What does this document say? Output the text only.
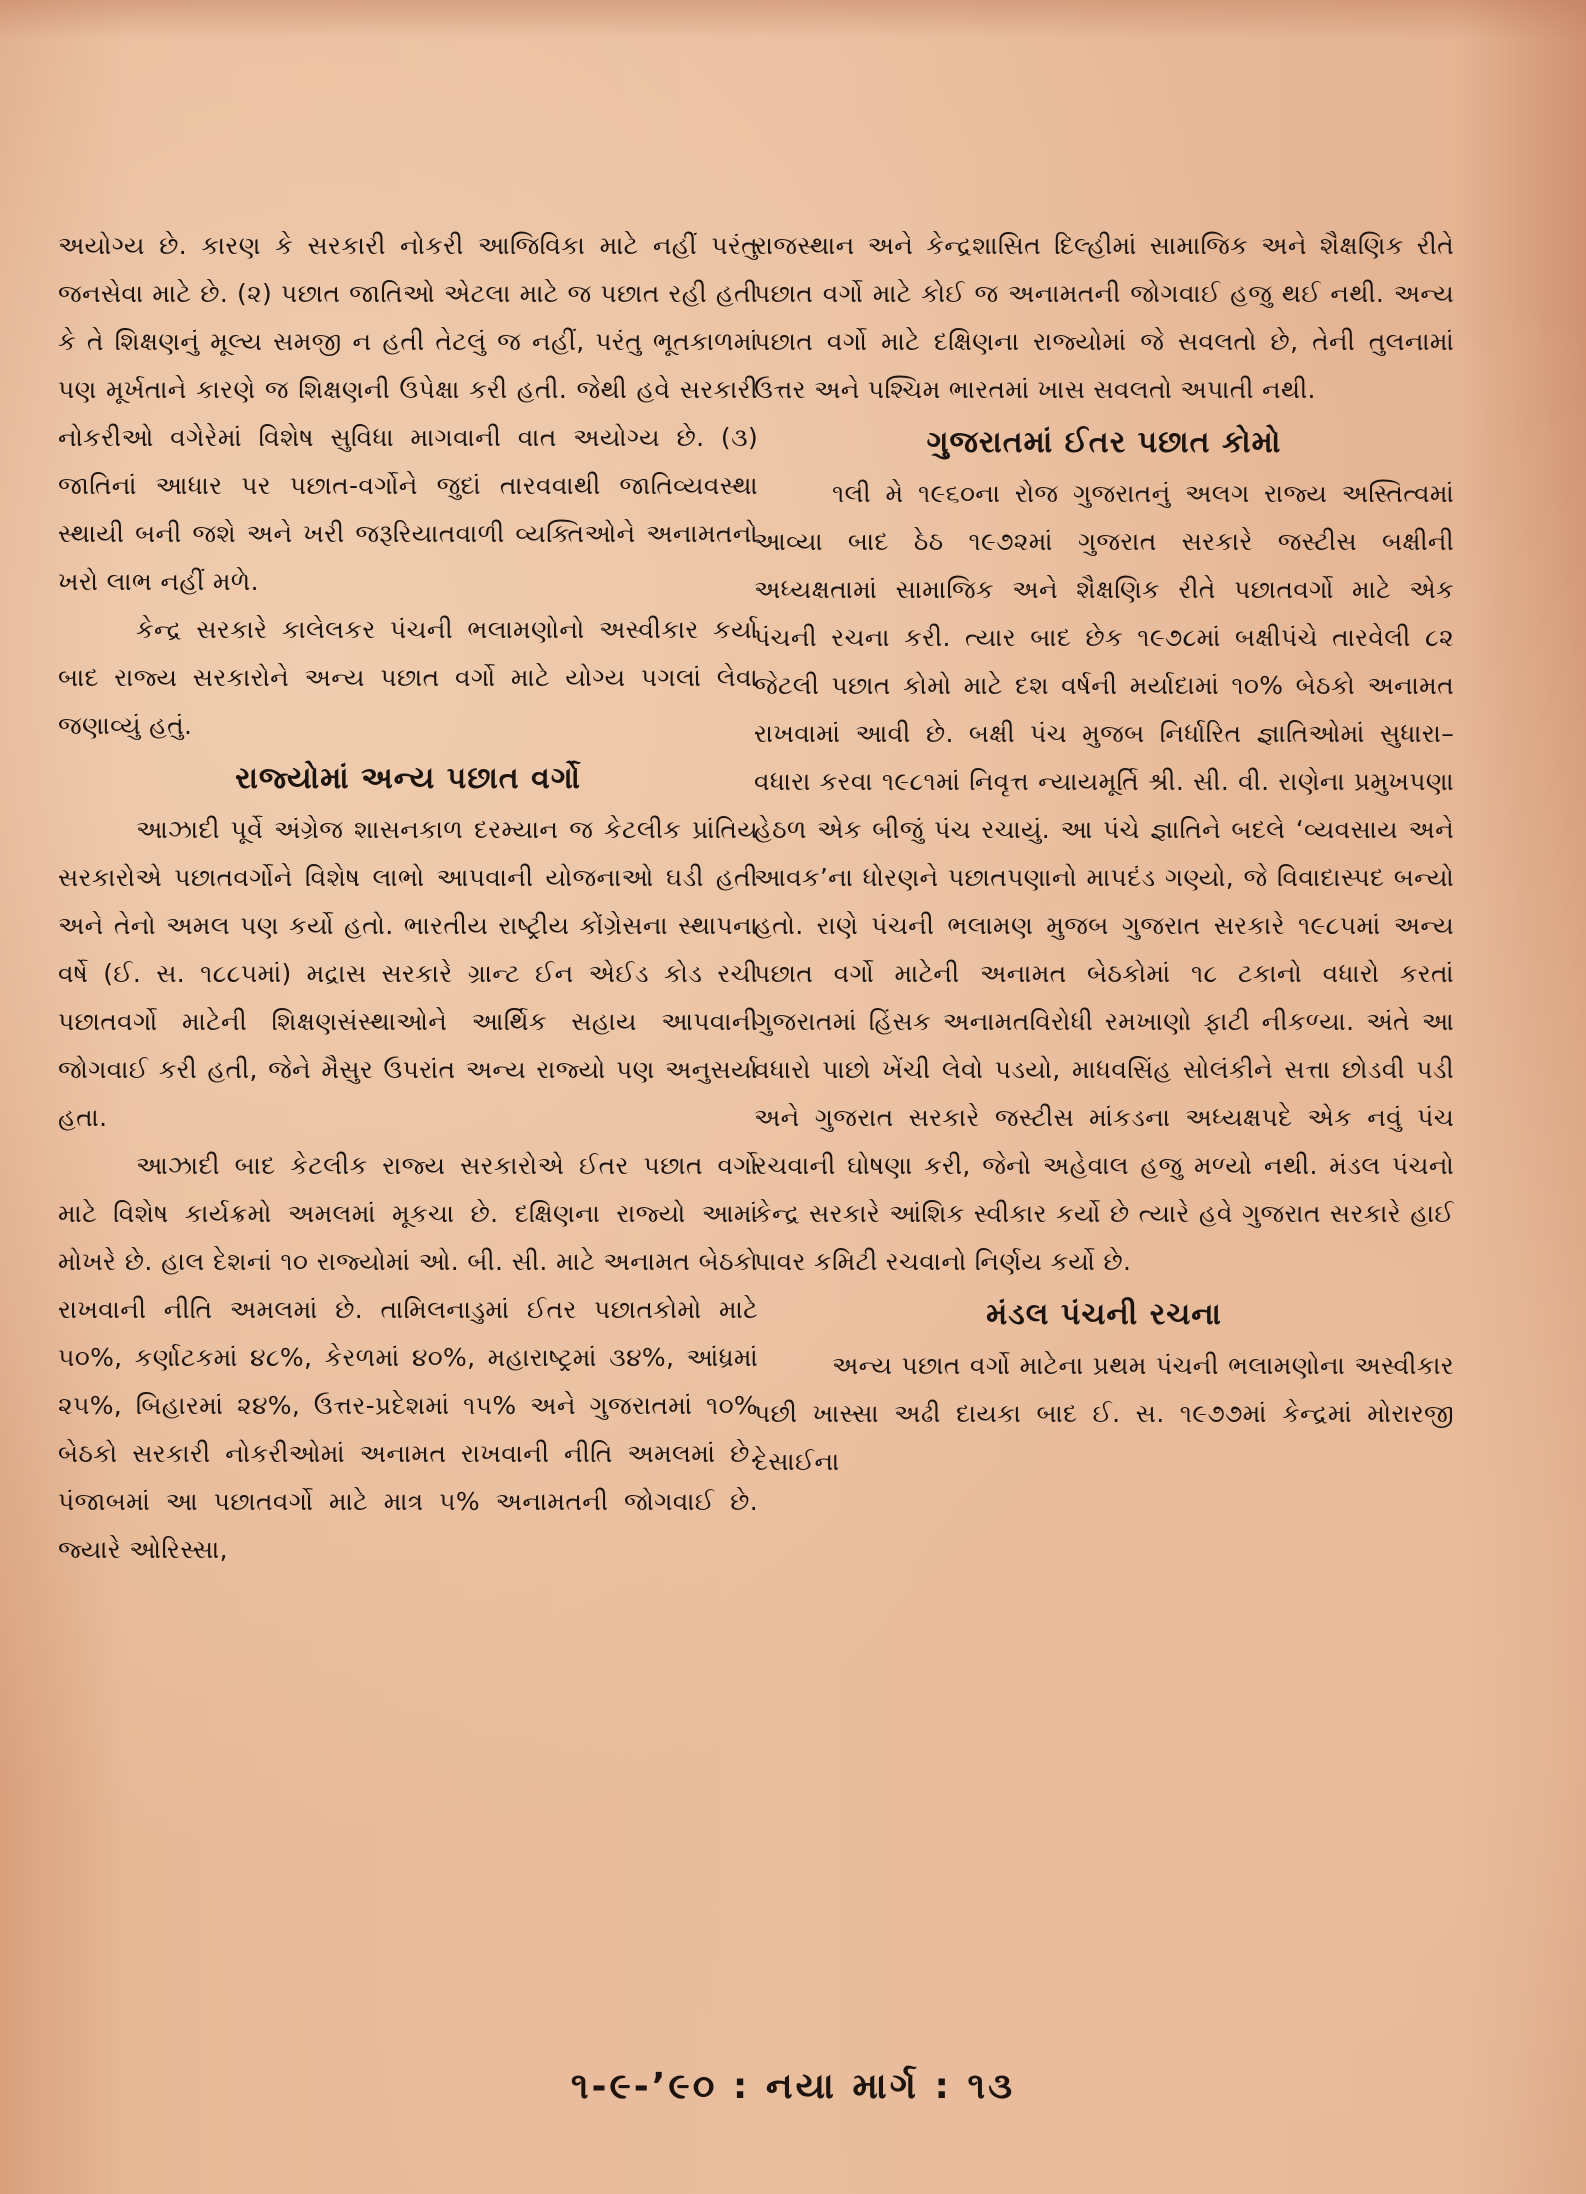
અયોગ્ય છે. કારણ કે સરકારી નોકરી આજિવિકા માટે નહીં પરંતુ જનસેવા માટે છે. (૨) પછાત જાતિઓ એટલા માટે જ પછાત રહી હતી કે તે શિક્ષણનું મૂલ્ય સમજી ન હતી તેટલું જ નહીં, પરંતુ ભૂતકાળમાં પણ મૂર્ખતાને કારણે જ શિક્ષણની ઉપેક્ષા કરી હતી. જેથી હવે સરકારી નોકરીઓ વગેરેમાં વિશેષ સુવિધા માગવાની વાત અયોગ્ય છે. (૩) જાતિનાં આધાર પર પછાત-વર્ગોને જુદાં તારવવાથી જાતિવ્યવસ્થા સ્થાયી બની જશે અને ખરી જરૂરિયાતવાળી વ્યક્તિઓને અનામતનો ખરો લાભ નહીં મળે.

કેન્દ્ર સરકારે કાલેલકર પંચની ભલામણોનો અસ્વીકાર કર્યા બાદ રાજ્ય સરકારોને અન્ય પછાત વર્ગો માટે યોગ્ય પગલાં લેવા જણાવ્યું હતું.

રાજ્યોમાં અન્ય પછાત વર્ગો

આઝાદી પૂર્વે અંગ્રેજ શાસનકાળ દરમ્યાન જ કેટલીક પ્રાંતિય સરકારોએ પછાતવર્ગોને વિશેષ લાભો આપવાની યોજનાઓ ઘડી હતી અને તેનો અમલ પણ કર્યો હતો. ભારતીય રાષ્ટ્રીય કોંગ્રેસના સ્થાપના વર્ષે (ઈ. સ. ૧૮૮૫માં) મદ્રાસ સરકારે ગ્રાન્ટ ઈન એઈડ કોડ રચી પછાતવર્ગો માટેની શિક્ષણસંસ્થાઓને આર્થિક સહાય આપવાની જોગવાઈ કરી હતી, જેને મૈસુર ઉપરાંત અન્ય રાજ્યો પણ અનુસર્યા હતા.

આઝાદી બાદ કેટલીક રાજ્ય સરકારોએ ઈતર પછાત વર્ગો માટે વિશેષ કાર્યક્રમો અમલમાં મૂકચા છે. દક્ષિણના રાજ્યો આમાં મોખરે છે. હાલ દેશનાં ૧૦ રાજ્યોમાં ઓ. બી. સી. માટે અનામત બેઠકો રાખવાની નીતિ અમલમાં છે. તામિલનાડુમાં ઈતર પછાતકોમો માટે ૫૦%, કર્ણાટકમાં ૪૮%, કેરળમાં ૪૦%, મહારાષ્ટ્રમાં ૩૪%, આંધ્રમાં ૨૫%, બિહારમાં ૨૪%, ઉત્તર-પ્રદેશમાં ૧૫% અને ગુજરાતમાં ૧૦% બેઠકો સરકારી નોકરીઓમાં અનામત રાખવાની નીતિ અમલમાં છે. પંજાબમાં આ પછાતવર્ગો માટે માત્ર ૫% અનામતની જોગવાઈ છે. જ્યારે ઓરિસ્સા,

રાજસ્થાન અને કેન્દ્રશાસિત દિલ્હીમાં સામાજિક અને શૈક્ષણિક રીતે પછાત વર્ગો માટે કોઈ જ અનામતની જોગવાઈ હજુ થઈ નથી. અન્ય પછાત વર્ગો માટે દક્ષિણના રાજ્યોમાં જે સવલતો છે, તેની તુલનામાં ઉત્તર અને પશ્ચિમ ભારતમાં ખાસ સવલતો અપાતી નથી.

ગુજરાતમાં ઈતર પછાત કોમો

૧લી મે ૧૯૬૦ના રોજ ગુજરાતનું અલગ રાજ્ય અસ્તિત્વમાં આવ્યા બાદ ઠેઠ ૧૯૭૨માં ગુજરાત સરકારે જસ્ટીસ બક્ષીની અધ્યક્ષતામાં સામાજિક અને શૈક્ષણિક રીતે પછાતવર્ગો માટે એક પંચની રચના કરી. ત્યાર બાદ છેક ૧૯૭૮માં બક્ષીપંચે તારવેલી ૮૨ જેટલી પછાત કોમો માટે દશ વર્ષની મર્યાદામાં ૧૦% બેઠકો અનામત રાખવામાં આવી છે. બક્ષી પંચ મુજબ નિર્ધારિત જ્ઞાતિઓમાં સુધારા–વધારા કરવા ૧૯૮૧માં નિવૃત્ત ન્યાયમૂર્તિ શ્રી. સી. વી. રાણેના પ્રમુખપણા હેઠળ એક બીજું પંચ રચાયું. આ પંચે જ્ઞાતિને બદલે ‘વ્યવસાય અને આવક’ના ધોરણને પછાતપણાનો માપદંડ ગણ્યો, જે વિવાદાસ્પદ બન્યો હતો. રાણે પંચની ભલામણ મુજબ ગુજરાત સરકારે ૧૯૮૫માં અન્ય પછાત વર્ગો માટેની અનામત બેઠકોમાં ૧૮ ટકાનો વધારો કરતાં ગુજરાતમાં હિંસક અનામતવિરોધી રમખાણો ફાટી નીકળ્યા. અંતે આ વધારો પાછો ખેંચી લેવો પડયો, માધવસિંહ સોલંકીને સત્તા છોડવી પડી અને ગુજરાત સરકારે જસ્ટીસ માંકડના અધ્યક્ષપદે એક નવું પંચ રચવાની ઘોષણા કરી, જેનો અહેવાલ હજુ મળ્યો નથી. મંડલ પંચનો કેન્દ્ર સરકારે આંશિક સ્વીકાર કર્યો છે ત્યારે હવે ગુજરાત સરકારે હાઈ પાવર કમિટી રચવાનો નિર્ણય કર્યો છે.

મંડલ પંચની રચના

અન્ય પછાત વર્ગો માટેના પ્રથમ પંચની ભલામણોના અસ્વીકાર પછી ખાસ્સા અઢી દાયકા બાદ ઈ. સ. ૧૯૭૭માં કેન્દ્રમાં મોરારજી દેસાઈના

૧-૯-’૯૦ : નયા માર્ગ : ૧૩
